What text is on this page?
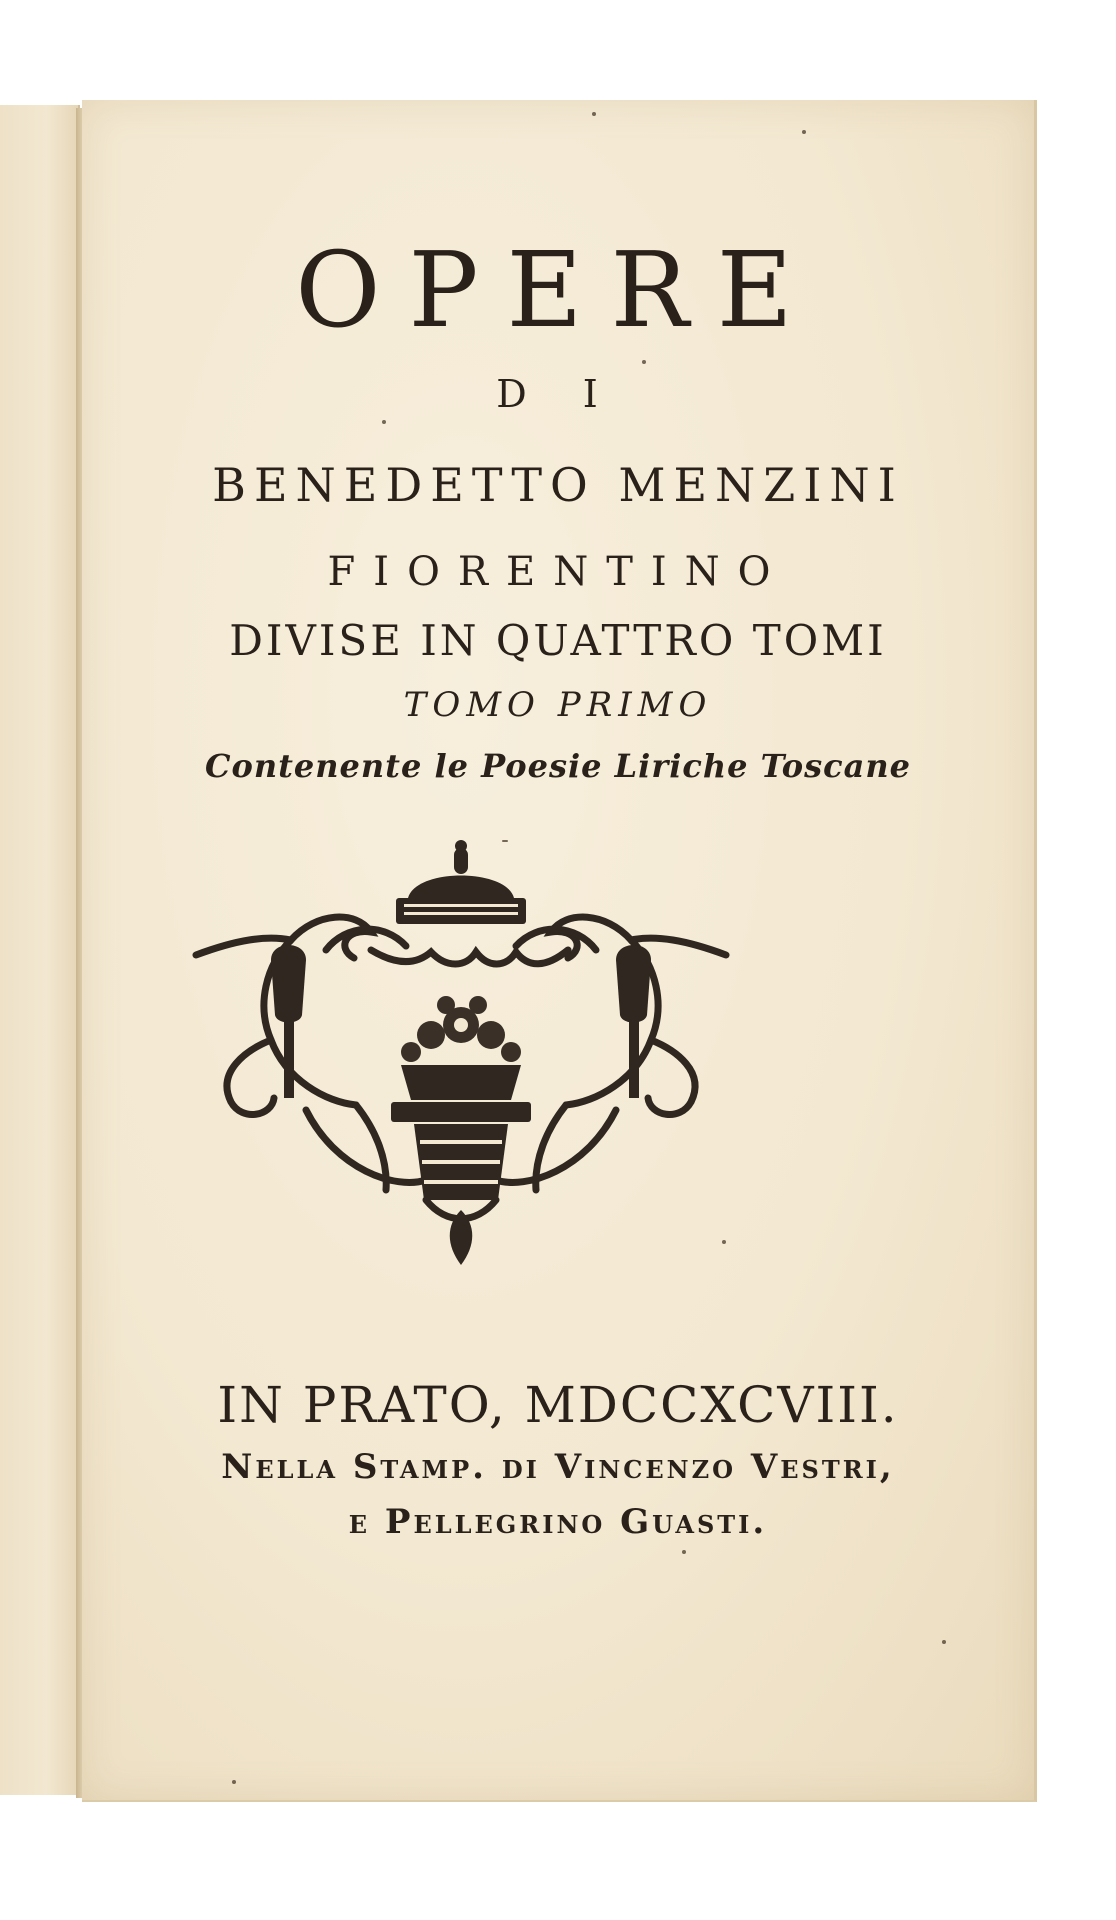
OPERE

D I

BENEDETTO MENZINI

FIORENTINO

DIVISE IN QUATTRO TOMI

TOMO PRIMO

Contenente le Poesie Liriche Toscane

IN PRATO, MDCCXCVIII.

Nella Stamp. di Vincenzo Vestri,

e Pellegrino Guasti.
